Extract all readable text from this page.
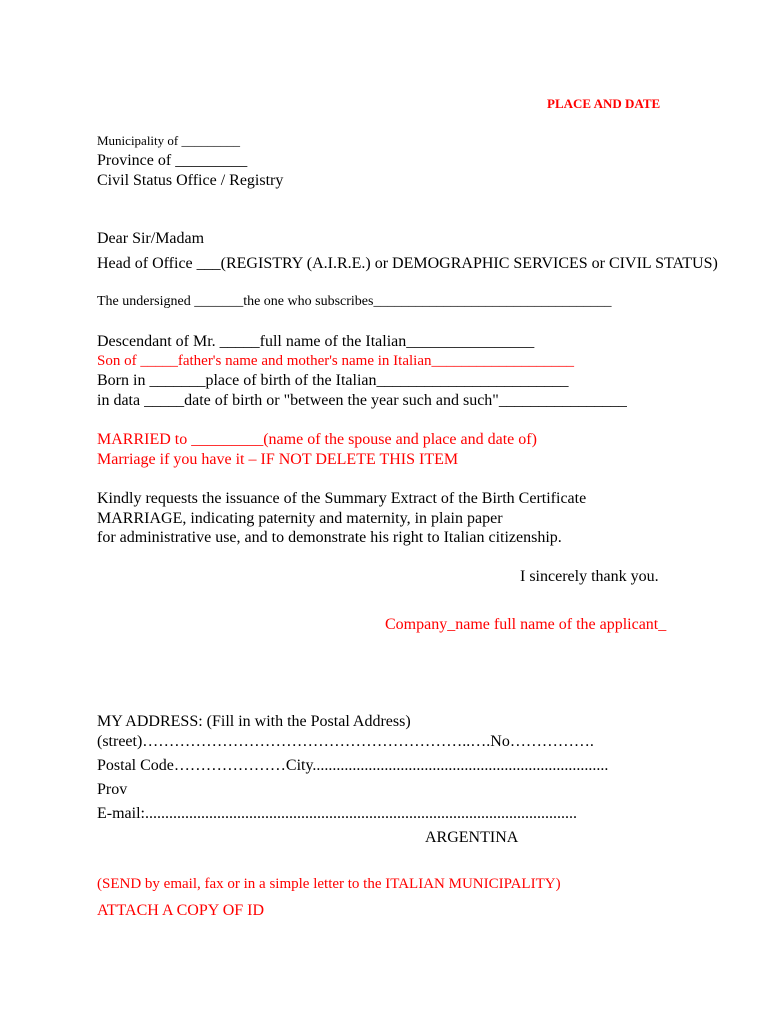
PLACE AND DATE

Municipality of _________

Province of _________

Civil Status Office / Registry

Dear Sir/Madam

Head of Office ___(REGISTRY (A.I.R.E.) or DEMOGRAPHIC SERVICES or CIVIL STATUS)

The undersigned _______the one who subscribes__________________________________

Descendant of Mr. _____full name of the Italian________________

Son of _____father's name and mother's name in Italian___________________

Born in _______place of birth of the Italian________________________

in data _____date of birth or "between the year such and such"________________

MARRIED to _________(name of the spouse and place and date of)

Marriage if you have it – IF NOT DELETE THIS ITEM

Kindly requests the issuance of the Summary Extract of the Birth Certificate

MARRIAGE, indicating paternity and maternity, in plain paper

for administrative use, and to demonstrate his right to Italian citizenship.

I sincerely thank you.

Company_name full name of the applicant_

MY ADDRESS: (Fill in with the Postal Address)

(street)……………………………………………………..….No…………….

Postal Code…………………City..........................................................................

Prov

E-mail:............................................................................................................

ARGENTINA

(SEND by email, fax or in a simple letter to the ITALIAN MUNICIPALITY)

ATTACH A COPY OF ID
